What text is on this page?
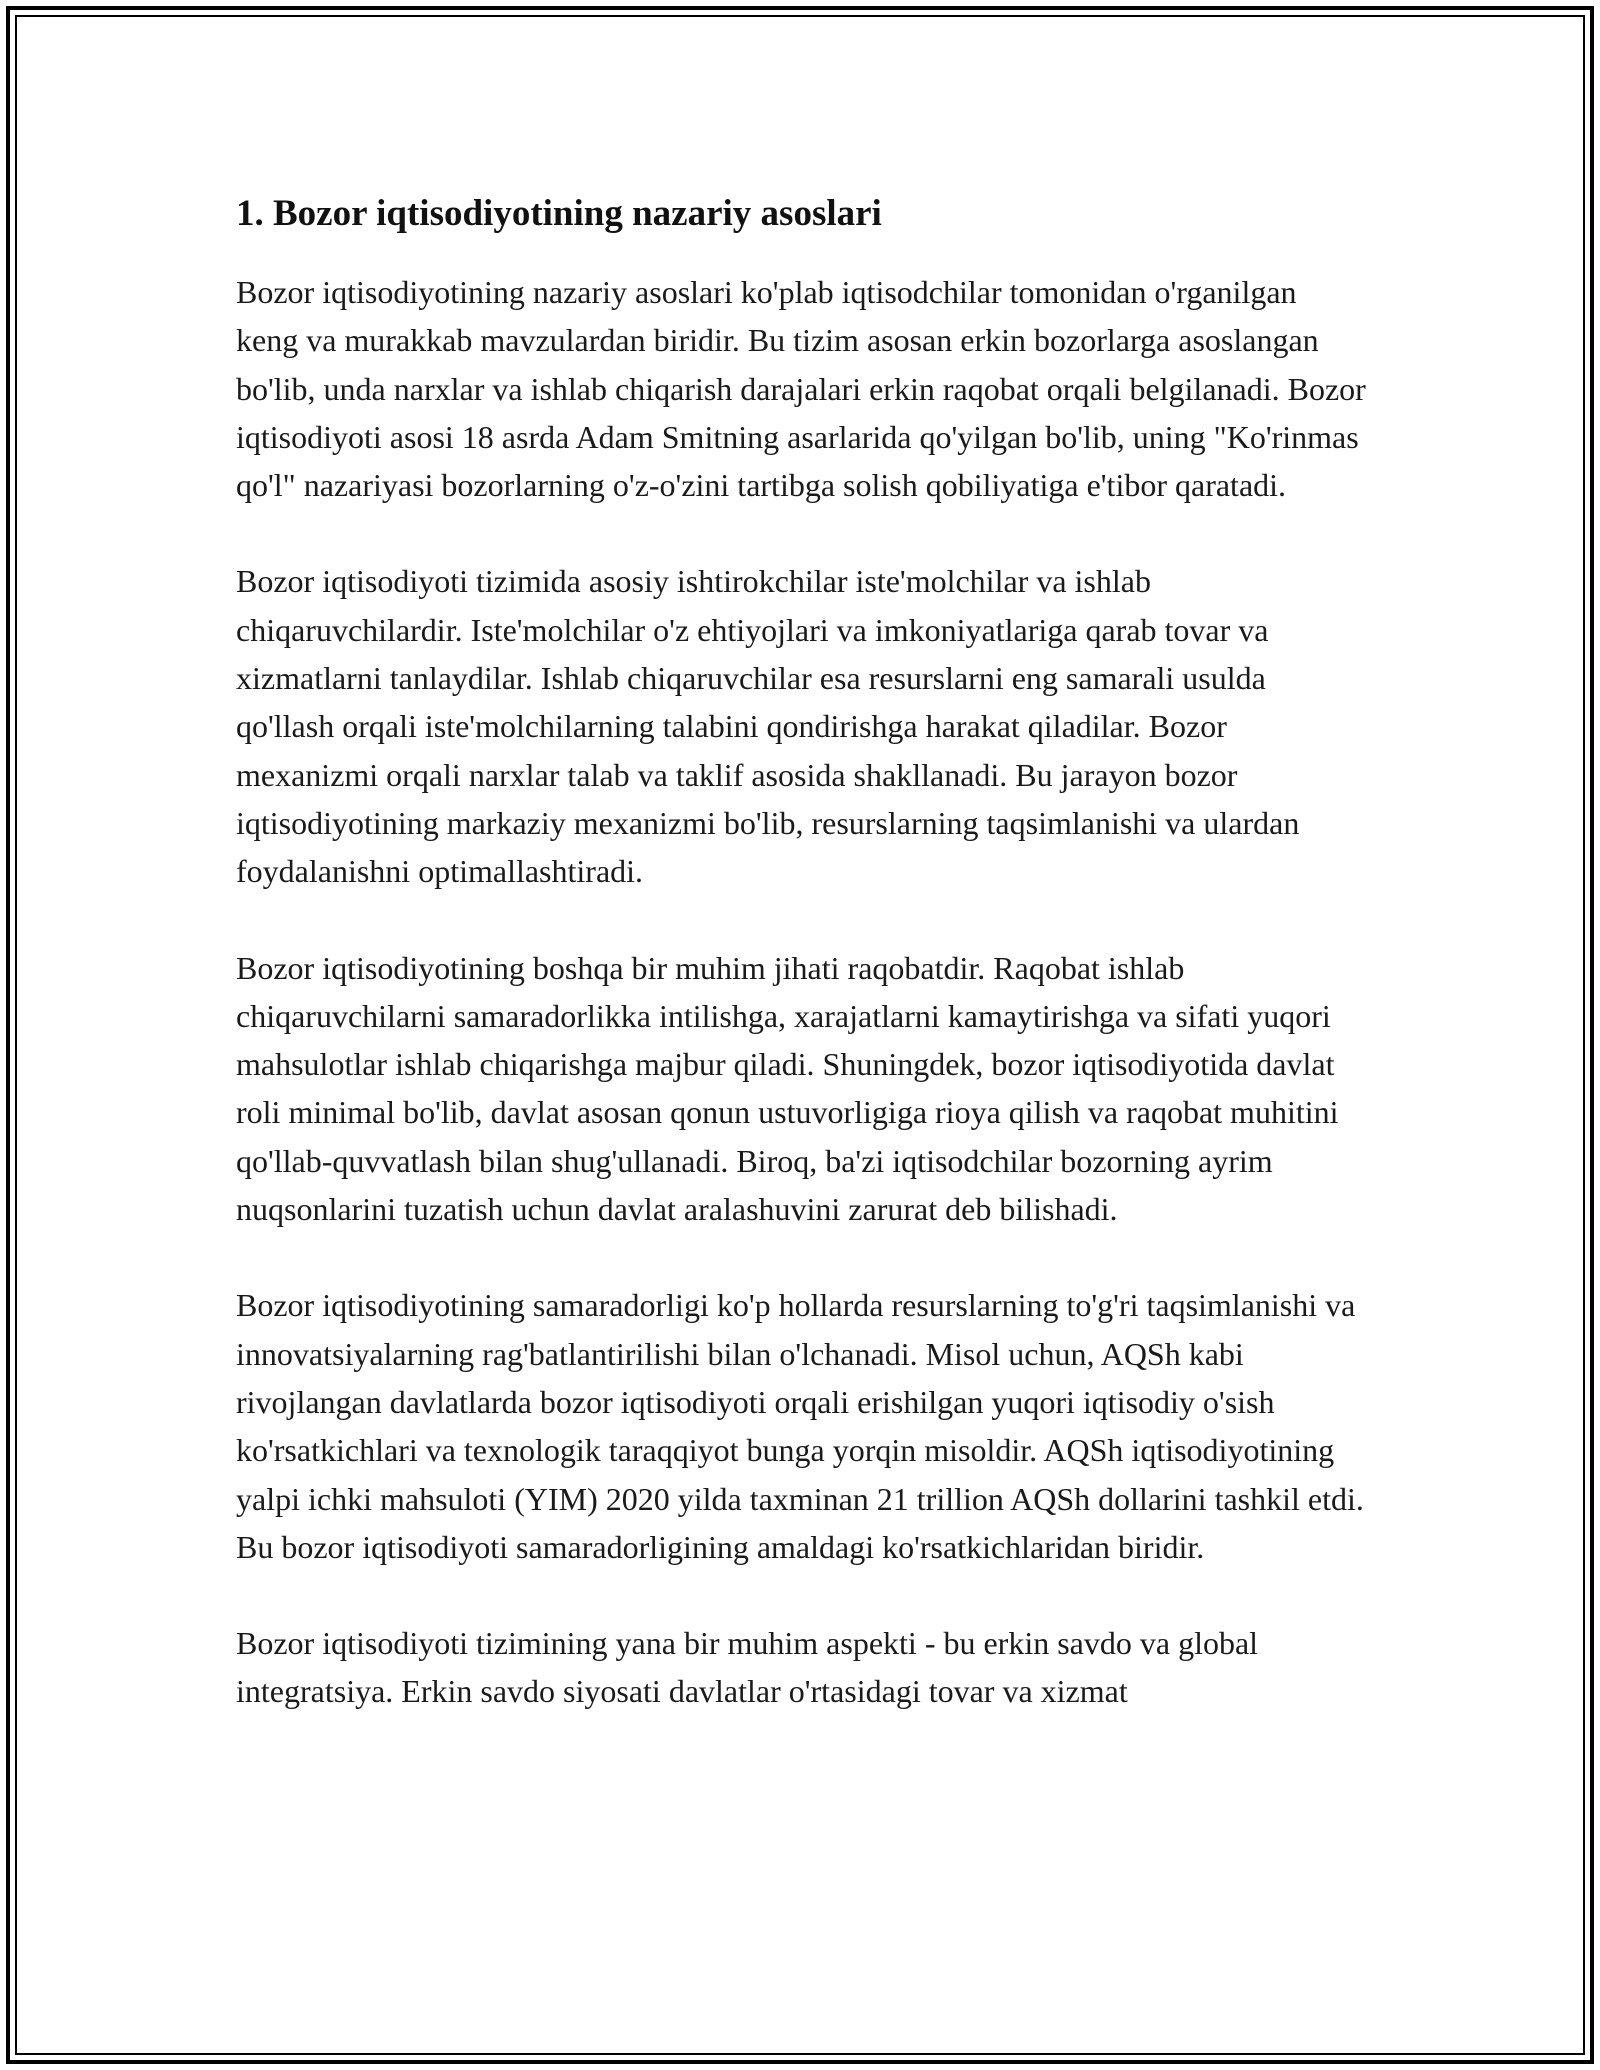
1. Bozor iqtisodiyotining nazariy asoslari

Bozor iqtisodiyotining nazariy asoslari ko'plab iqtisodchilar tomonidan o'rganilgan keng va murakkab mavzulardan biridir. Bu tizim asosan erkin bozorlarga asoslangan bo'lib, unda narxlar va ishlab chiqarish darajalari erkin raqobat orqali belgilanadi. Bozor iqtisodiyoti asosi 18 asrda Adam Smitning asarlarida qo'yilgan bo'lib, uning "Ko'rinmas qo'l" nazariyasi bozorlarning o'z-o'zini tartibga solish qobiliyatiga e'tibor qaratadi.

Bozor iqtisodiyoti tizimida asosiy ishtirokchilar iste'molchilar va ishlab chiqaruvchilardir. Iste'molchilar o'z ehtiyojlari va imkoniyatlariga qarab tovar va xizmatlarni tanlaydilar. Ishlab chiqaruvchilar esa resurslarni eng samarali usulda qo'llash orqali iste'molchilarning talabini qondirishga harakat qiladilar. Bozor mexanizmi orqali narxlar talab va taklif asosida shakllanadi. Bu jarayon bozor iqtisodiyotining markaziy mexanizmi bo'lib, resurslarning taqsimlanishi va ulardan foydalanishni optimallashtiradi.

Bozor iqtisodiyotining boshqa bir muhim jihati raqobatdir. Raqobat ishlab chiqaruvchilarni samaradorlikka intilishga, xarajatlarni kamaytirishga va sifati yuqori mahsulotlar ishlab chiqarishga majbur qiladi. Shuningdek, bozor iqtisodiyotida davlat roli minimal bo'lib, davlat asosan qonun ustuvorligiga rioya qilish va raqobat muhitini qo'llab-quvvatlash bilan shug'ullanadi. Biroq, ba'zi iqtisodchilar bozorning ayrim nuqsonlarini tuzatish uchun davlat aralashuvini zarurat deb bilishadi.

Bozor iqtisodiyotining samaradorligi ko'p hollarda resurslarning to'g'ri taqsimlanishi va innovatsiyalarning rag'batlantirilishi bilan o'lchanadi. Misol uchun, AQSh kabi rivojlangan davlatlarda bozor iqtisodiyoti orqali erishilgan yuqori iqtisodiy o'sish ko'rsatkichlari va texnologik taraqqiyot bunga yorqin misoldir. AQSh iqtisodiyotining yalpi ichki mahsuloti (YIM) 2020 yilda taxminan 21 trillion AQSh dollarini tashkil etdi. Bu bozor iqtisodiyoti samaradorligining amaldagi ko'rsatkichlaridan biridir.

Bozor iqtisodiyoti tizimining yana bir muhim aspekti - bu erkin savdo va global integratsiya. Erkin savdo siyosati davlatlar o'rtasidagi tovar va xizmat
